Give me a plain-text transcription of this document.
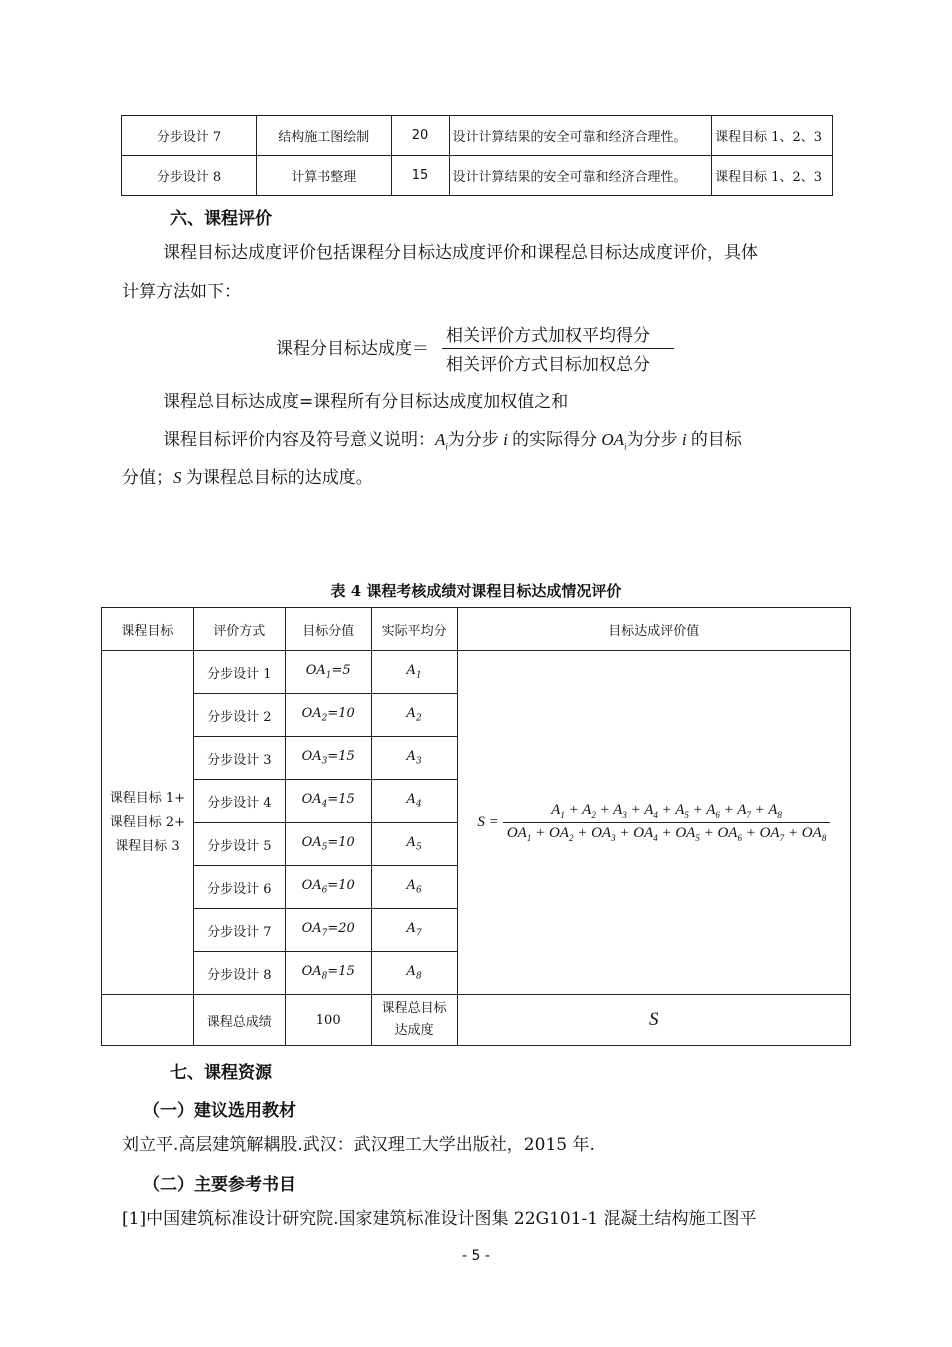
分步设计 7	结构施工图绘制	20	设计计算结果的安全可靠和经济合理性。	课程目标 1、2、3
分步设计 8	计算书整理	15	设计计算结果的安全可靠和经济合理性。	课程目标 1、2、3
六、课程评价
课程目标达成度评价包括课程分目标达成度评价和课程总目标达成度评价，具体
计算方法如下：
课程分目标达成度＝
相关评价方式加权平均得分
相关评价方式目标加权总分
课程总目标达成度=课程所有分目标达成度加权值之和
课程目标评价内容及符号意义说明：$A_i$为分步 i 的实际得分 $OA_i$为分步 i 的目标
分值；S 为课程总目标的达成度。
表 4 课程考核成绩对课程目标达成情况评价
课程目标	评价方式	目标分值	实际平均分	目标达成评价值
课程目标 1+
课程目标 2+
课程目标 3	分步设计 1	$OA_1=5$	$A_1$	$S = \frac{A_1 + A_2 + A_3 + A_4 + A_5 + A_6 + A_7 + A_8}{OA_1 + OA_2 + OA_3 + OA_4 + OA_5 + OA_6 + OA_7 + OA_8}$

	分步设计 2	$OA_2=10$	$A_2$
	分步设计 3	$OA_3=15$	$A_3$
	分步设计 4	$OA_4=15$	$A_4$
	分步设计 5	$OA_5=10$	$A_5$
	分步设计 6	$OA_6=10$	$A_6$
	分步设计 7	$OA_7=20$	$A_7$
	分步设计 8	$OA_8=15$	$A_8$
	课程总成绩	100	课程总目标达成度	S
七、课程资源
（一）建议选用教材
刘立平.高层建筑解耦股.武汉：武汉理工大学出版社，2015 年.
（二）主要参考书目
[1]中国建筑标准设计研究院.国家建筑标准设计图集 22G101-1 混凝土结构施工图平
- 5 -
